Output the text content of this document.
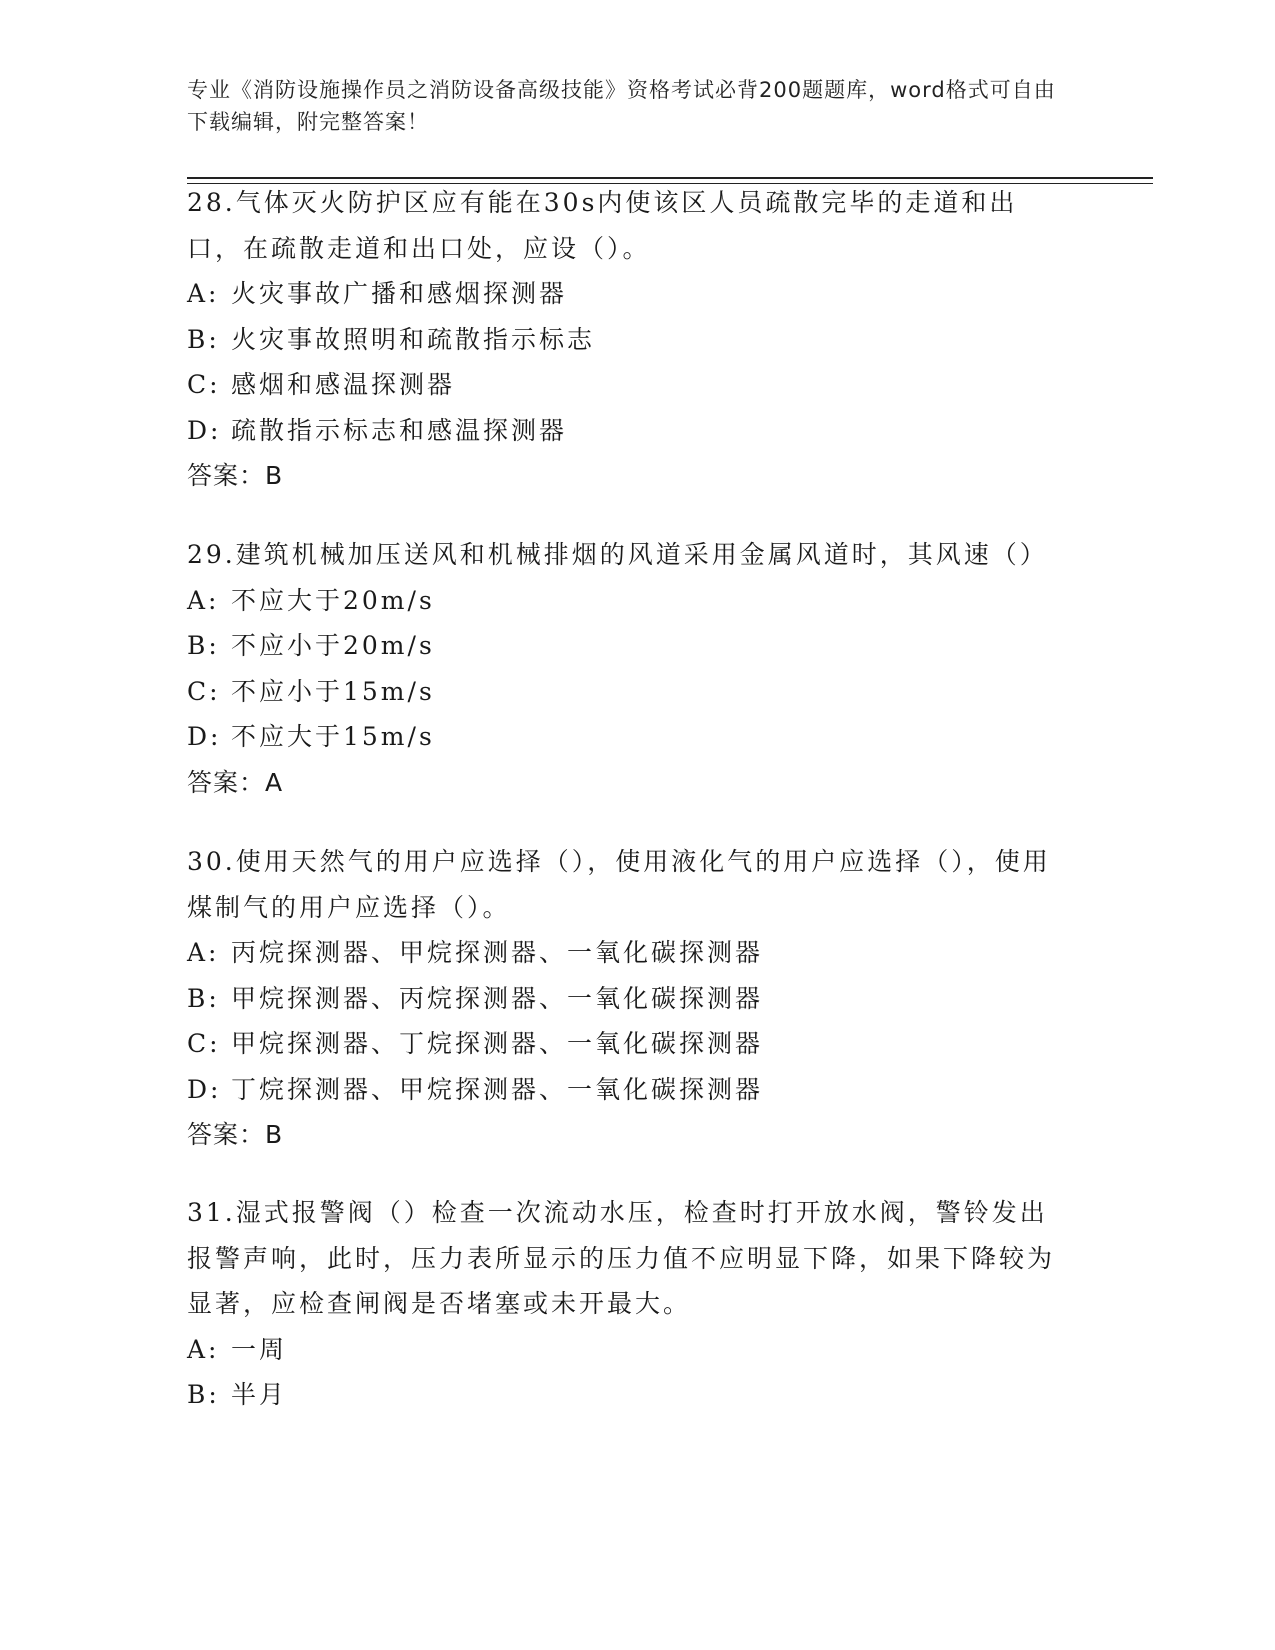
专业《消防设施操作员之消防设备高级技能》资格考试必背200题题库，word格式可自由下载编辑，附完整答案！

28.气体灭火防护区应有能在30s内使该区人员疏散完毕的走道和出口，在疏散走道和出口处，应设（）。

A: 火灾事故广播和感烟探测器

B: 火灾事故照明和疏散指示标志

C: 感烟和感温探测器

D: 疏散指示标志和感温探测器

答案：B

29.建筑机械加压送风和机械排烟的风道采用金属风道时，其风速（）

A: 不应大于20m/s

B: 不应小于20m/s

C: 不应小于15m/s

D: 不应大于15m/s

答案：A

30.使用天然气的用户应选择（），使用液化气的用户应选择（），使用煤制气的用户应选择（）。

A: 丙烷探测器、甲烷探测器、一氧化碳探测器

B: 甲烷探测器、丙烷探测器、一氧化碳探测器

C: 甲烷探测器、丁烷探测器、一氧化碳探测器

D: 丁烷探测器、甲烷探测器、一氧化碳探测器

答案：B

31.湿式报警阀（）检查一次流动水压，检查时打开放水阀，警铃发出报警声响，此时，压力表所显示的压力值不应明显下降，如果下降较为显著，应检查闸阀是否堵塞或未开最大。

A: 一周

B: 半月
